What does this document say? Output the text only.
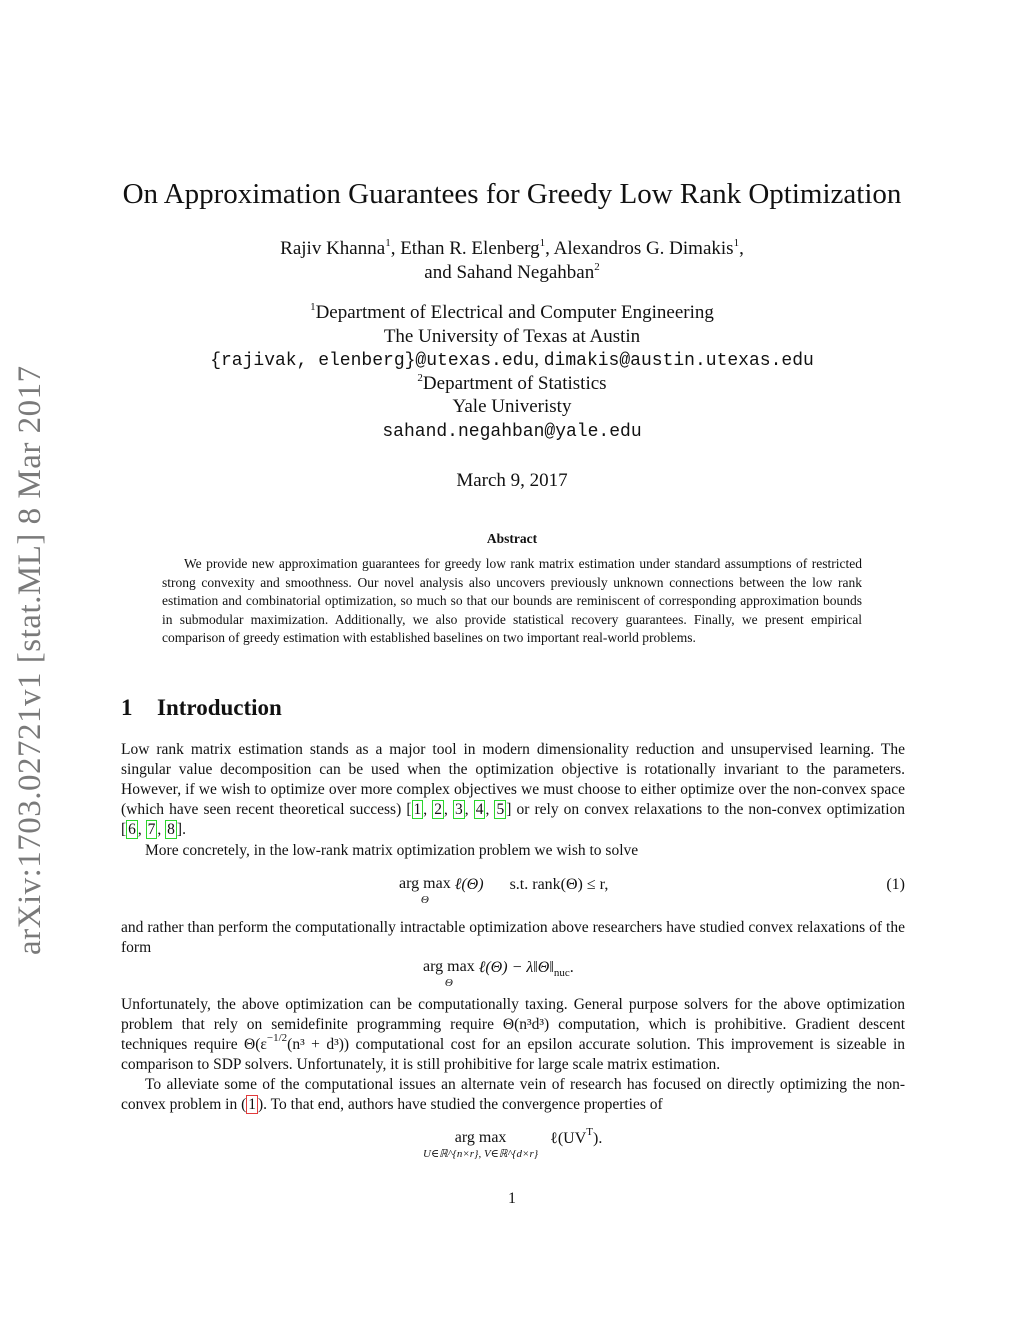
arXiv:1703.02721v1 [stat.ML] 8 Mar 2017
On Approximation Guarantees for Greedy Low Rank Optimization
Rajiv Khanna$^1$, Ethan R. Elenberg$^1$, Alexandros G. Dimakis$^1$,
and Sahand Negahban$^2$
$^1$Department of Electrical and Computer Engineering
The University of Texas at Austin
{rajivak, elenberg}@utexas.edu, dimakis@austin.utexas.edu
$^2$Department of Statistics
Yale Univeristy
sahand.negahban@yale.edu
March 9, 2017
Abstract
We provide new approximation guarantees for greedy low rank matrix estimation under standard assumptions of restricted strong convexity and smoothness. Our novel analysis also uncovers previously unknown connections between the low rank estimation and combinatorial optimization, so much so that our bounds are reminiscent of corresponding approximation bounds in submodular maximization. Additionally, we also provide statistical recovery guarantees. Finally, we present empirical comparison of greedy estimation with established baselines on two important real-world problems.
1 Introduction
Low rank matrix estimation stands as a major tool in modern dimensionality reduction and unsupervised learning. The singular value decomposition can be used when the optimization objective is rotationally invariant to the parameters. However, if we wish to optimize over more complex objectives we must choose to either optimize over the non-convex space (which have seen recent theoretical success) [ 1 , 2 , 3 , 4 , 5 ] or rely on convex relaxations to the non-convex optimization [ 6 , 7 , 8 ].
More concretely, in the low-rank matrix optimization problem we wish to solve
arg max
Θ
ℓ(Θ) s.t. rank(Θ) ≤ r,	(1)
and rather than perform the computationally intractable optimization above researchers have studied convex relaxations of the form
arg max
Θ
ℓ(Θ) − $\lambda‖\Theta‖_{nuc}$.
Unfortunately, the above optimization can be computationally taxing. General purpose solvers for the above optimization problem that rely on semidefinite programming require Θ(n³d³) computation, which is prohibitive. Gradient descent techniques require $\Theta(\varepsilon^{-1/2}(n^3 + d^3))$ computational cost for an epsilon accurate solution. This improvement is sizeable in comparison to SDP solvers. Unfortunately, it is still prohibitive for large scale matrix estimation.
To alleviate some of the computational issues an alternate vein of research has focused on directly optimizing the non-convex problem in ( 1 ). To that end, authors have studied the convergence properties of
arg max
U∈ℝ^{n×r}, V∈ℝ^{d×r}
$\ell(UV^T)$.
1
